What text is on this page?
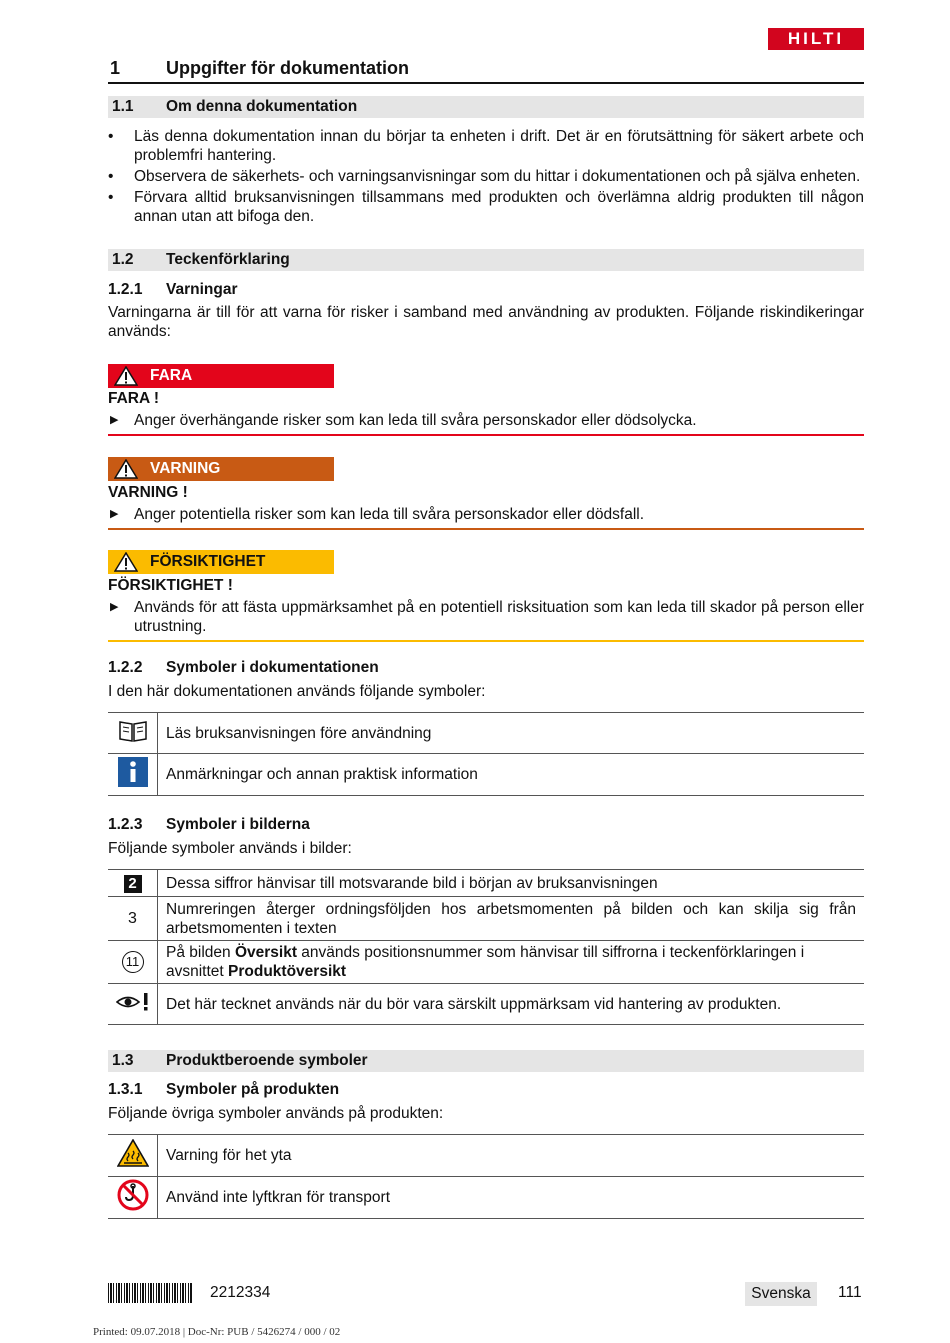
HILTI
1	Uppgifter för dokumentation
1.1 Om denna dokumentation
• Läs denna dokumentation innan du börjar ta enheten i drift. Det är en förutsättning för säkert arbete och problemfri hantering.
• Observera de säkerhets- och varningsanvisningar som du hittar i dokumentationen och på själva enheten.
• Förvara alltid bruksanvisningen tillsammans med produkten och överlämna aldrig produkten till någon annan utan att bifoga den.
1.2 Teckenförklaring
1.2.1 Varningar
Varningarna är till för att varna för risker i samband med användning av produkten. Följande riskindikeringar används:
FARA
FARA !
▶	Anger överhängande risker som kan leda till svåra personskador eller dödsolycka.
VARNING
VARNING !
▶	Anger potentiella risker som kan leda till svåra personskador eller dödsfall.
FÖRSIKTIGHET
FÖRSIKTIGHET !
▶	Används för att fästa uppmärksamhet på en potentiell risksituation som kan leda till skador på person eller utrustning.
1.2.2 Symboler i dokumentationen
I den här dokumentationen används följande symboler:
	Läs bruksanvisningen före användning
	Anmärkningar och annan praktisk information
1.2.3 Symboler i bilderna
Följande symboler används i bilder:
2	Dessa siffror hänvisar till motsvarande bild i början av bruksanvisningen
3	Numreringen återger ordningsföljden hos arbetsmomenten på bilden och kan skilja sig från arbetsmomenten i texten
11	På bilden Översikt används positionsnummer som hänvisar till siffrorna i teckenförklaringen i avsnittet Produktöversikt
	Det här tecknet används när du bör vara särskilt uppmärksam vid hantering av produkten.
1.3 Produktberoende symboler
1.3.1 Symboler på produkten
Följande övriga symboler används på produkten:
	Varning för het yta
	Använd inte lyftkran för transport
2212334	Svenska	111
Printed: 09.07.2018 | Doc-Nr: PUB / 5426274 / 000 / 02
